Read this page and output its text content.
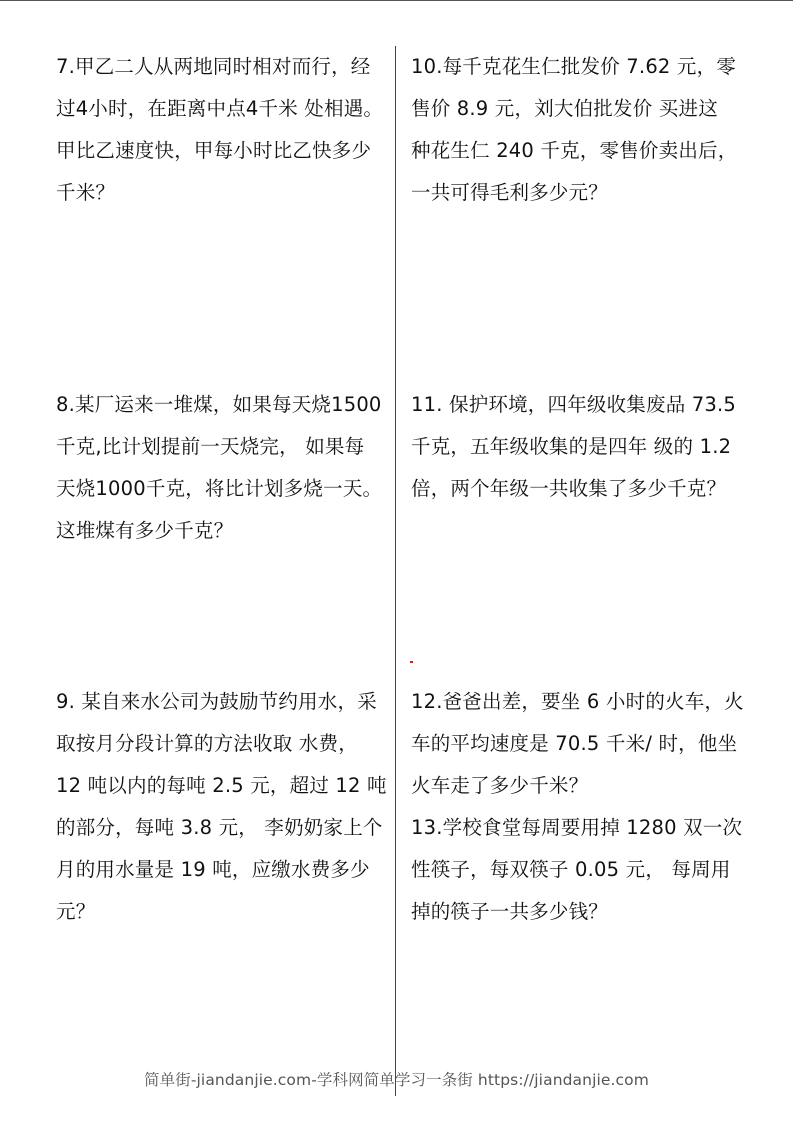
7.甲乙二人从两地同时相对而行，经
过4小时，在距离中点4千米 处相遇。
甲比乙速度快，甲每小时比乙快多少
千米？
10.每千克花生仁批发价 7.62 元，零
售价 8.9 元，刘大伯批发价 买进这
种花生仁 240 千克，零售价卖出后，
一共可得毛利多少元？
8.某厂运来一堆煤，如果每天烧1500
千克,比计划提前一天烧完， 如果每
天烧1000千克，将比计划多烧一天。
这堆煤有多少千克？
11. 保护环境，四年级收集废品 73.5
千克，五年级收集的是四年 级的 1.2
倍，两个年级一共收集了多少千克？
9. 某自来水公司为鼓励节约用水，采
取按月分段计算的方法收取 水费，
12 吨以内的每吨 2.5 元，超过 12 吨
的部分，每吨 3.8 元， 李奶奶家上个
月的用水量是 19 吨，应缴水费多少
元？
12.爸爸出差，要坐 6 小时的火车，火
车的平均速度是 70.5 千米/ 时，他坐
火车走了多少千米？
13.学校食堂每周要用掉 1280 双一次
性筷子，每双筷子 0.05 元， 每周用
掉的筷子一共多少钱？
简单街-jiandanjie.com-学科网简单学习一条街 https://jiandanjie.com
